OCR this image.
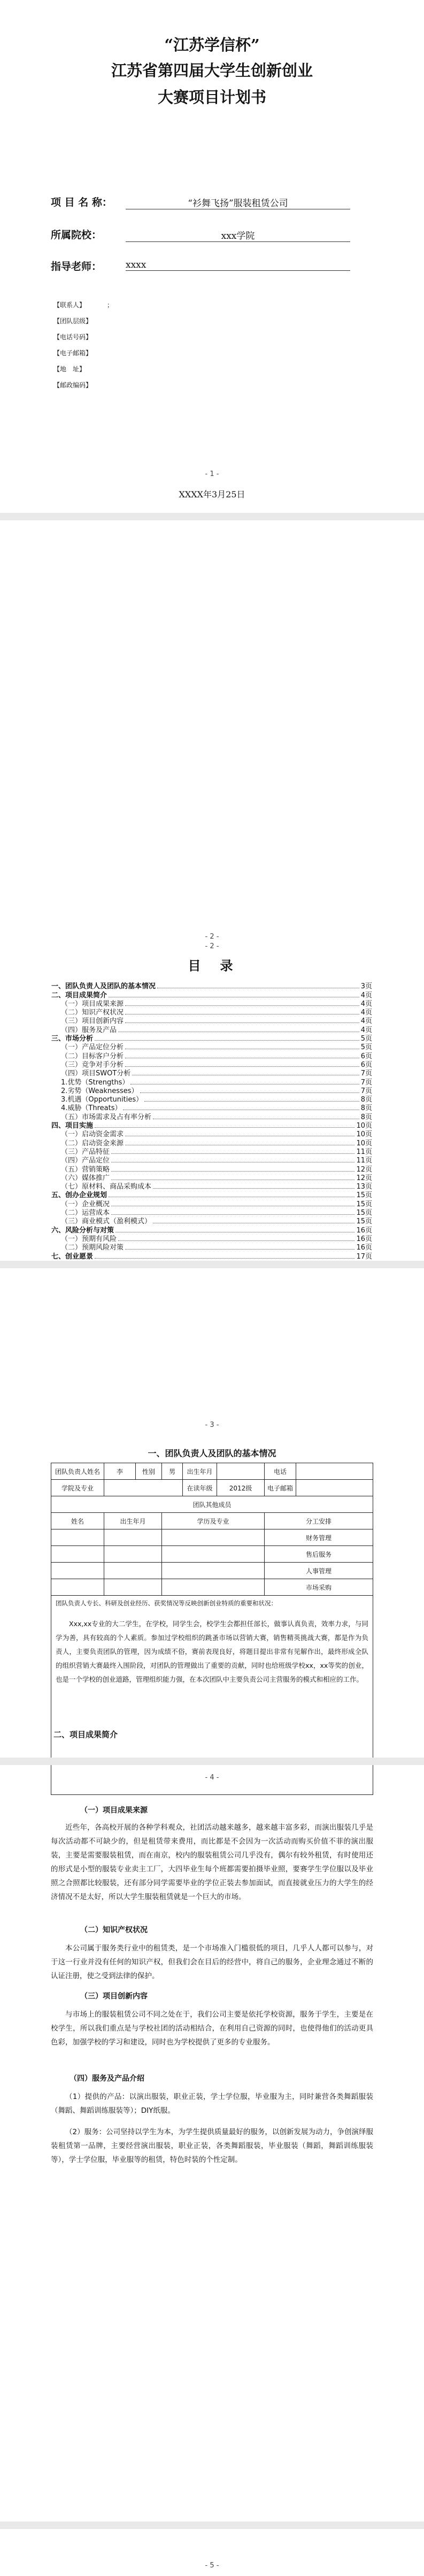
“江苏学信杯”
江苏省第四届大学生创新创业
大赛项目计划书
项 目 名 称：	“衫舞飞扬”服装租赁公司
所属院校：	xxx学院
指导老师：	xxxx
【联系人】	；
【团队层级】
【电话号码】
【电子邮箱】
【地　址】
【邮政编码】
- 1 -
XXXX年3月25日
- 2 -
- 2 -
目　录
一、团队负责人及团队的基本情况	3页
二、项目成果简介	4页
（一）项目成果来源	4页
（二）知识产权状况	4页
（三）项目创新内容	4页
（四）服务及产品	4页
三、市场分析	5页
（一）产品定位分析	5页
（二）目标客户分析	6页
（三）竞争对手分析	6页
（四）项目SWOT分析	7页
1.优势（Strengths）	7页
2.劣势（Weaknesses）	7页
3.机遇（Opportunities）	8页
4.威胁（Threats）	8页
（五）市场需求及占有率分析	8页
四、项目实施	10页
（一）启动资金需求	10页
（二）启动资金来源	10页
（三）产品特征	11页
（四）产品定位	11页
（五）营销策略	12页
（六）媒体推广	12页
（七）原材料、商品采购成本	13页
五、创办企业规划	15页
（一）企业概况	15页
（二）运营成本	15页
（三）商业模式（盈利模式）	15页
六、风险分析与对策	16页
（一）预期有风险	16页
（二）预期风险对策	16页
七、创业愿景	17页
- 3 -
一、团队负责人及团队的基本情况
团队负责人姓名	李	性别	男	出生年月		电话	
学院及专业				在读年级	2012级	电子邮箱	
团队其他成员							
姓名	出生年月		学历及专业			分工安排	
						财务管理	
						售后服务	
						人事管理	
						市场采购	

团队负责人专长、科研及创业经历、获奖情况等反映创新创业特质的重要和状况：
Xxx,xx专业的大二学生，在学校，同学生会，校学生会都担任部长，做事认真负责，效率力求，与同学为善，具有较高的个人素质。参加过学校组织的跳蚤市场以营销大赛，销售精英挑战大赛，都是作为负责人，主要负责团队的管理，因为成绩不俗，赛前表现良好，将题目提出非常有见解作出，最终形成全队的组织营销大赛最终入围阶段，对团队的管理做出了重要的贡献，同时也给班级学校xx，xx等奖的创业，也是一个学校的创业道路，管理组织能力强，在本次团队中主要负责公司主营服务的模式和相应的工作。							
二、项目成果简介
- 4 -
（一）项目成果来源

近些年，各高校开展的各种学科观众，社团活动越来越多，越来越丰富多彩，而演出服装几乎是每次活动都不可缺少的，但是租赁带来费用，而比都是不会因为一次活动而购买价值不菲的演出服装，主要是需要服装租赁，而在南京，校内的服装租赁公司几乎没有，偶尔有较外租赁，有时使用还的形式是小型的服装专业卖主工厂，大四毕业生每个班都需要拍摄毕业照，要赛学生学位服以及毕业照之合照都比较服装，还有部分同学需要毕业的学位正装去参加面试，而直接就业压力的大学生的经济情况不是太好，所以大学生服装租赁就是一个巨大的市场。

（二）知识产权状况

本公司属于服务类行业中的租赁类，是一个市场准入门槛很低的项目，几乎人人都可以参与，对于这一行业并没有任何的知识产权，但我们会在目后的经营中，将自己的服务，企业理念通过不断的认证注册，使之受到法律的保护。

（三）项目创新内容

与市场上的服装租赁公司不同之处在于，我们公司主要是依托学校资源，服务于学生，主要是在校学生，所以我们重点是与学校社团的活动相结合，在利用自己资源的同时，也使得他们的活动更具色彩，加强学校的学习和建设，同时也为学校提供了更多的专业服务。

（四）服务及产品介绍

（1）提供的产品：以演出服装，职业正装，学士学位服，毕业服为主，同时兼营各类舞蹈服装（舞蹈、舞蹈训练服装等）；DIY纸服。

（2）服务：公司坚持以学生为本，为学生提供质量最好的服务，以创新发展为动力，争创演绎服装租赁第一品牌，主要经营演出服装，职业正装，各类舞蹈服装，毕业服装（舞蹈，舞蹈训练服装等），学士学位服，毕业服等的租赁，特色时装的个性定制。

- 5 -
